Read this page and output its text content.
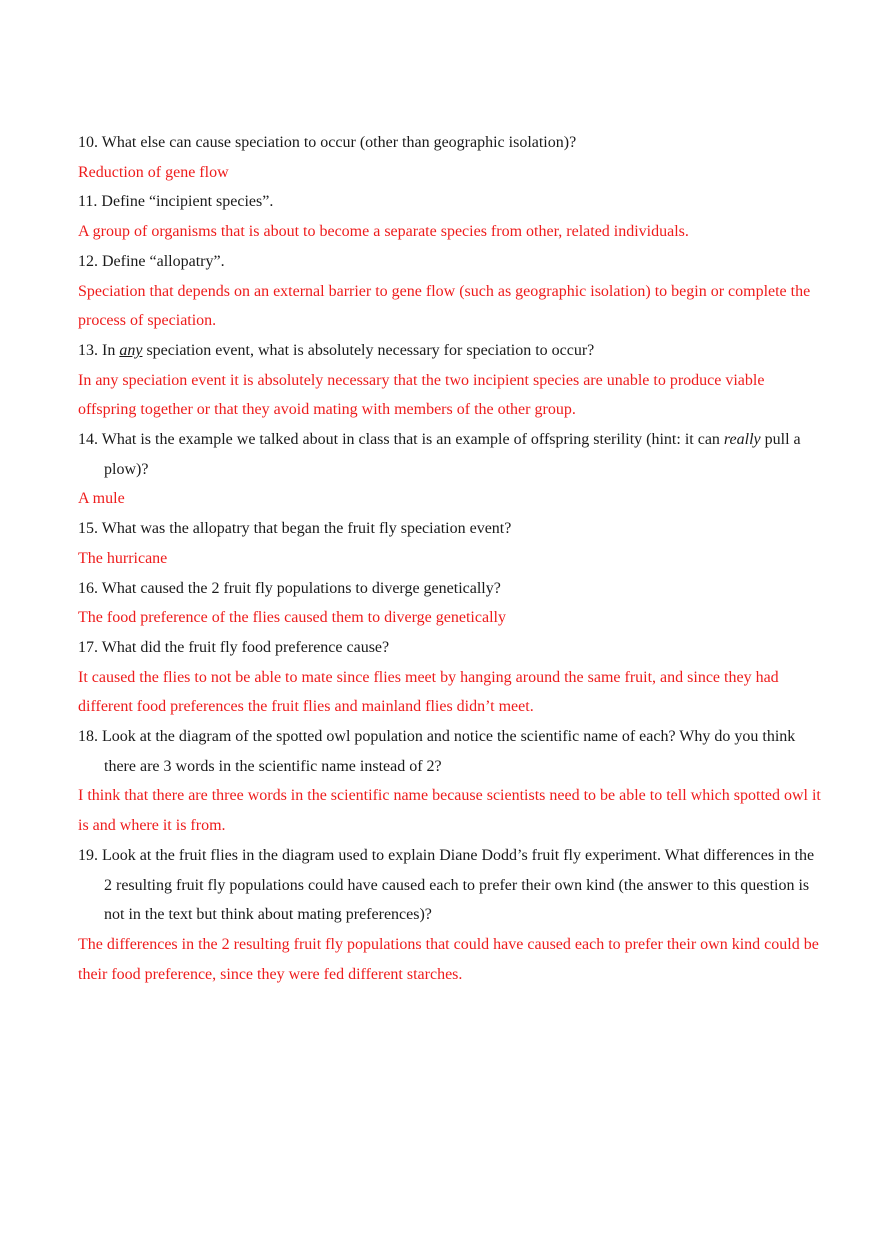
10. What else can cause speciation to occur (other than geographic isolation)?

Reduction of gene flow

11. Define “incipient species”.

A group of organisms that is about to become a separate species from other, related individuals.

12. Define “allopatry”.

Speciation that depends on an external barrier to gene flow (such as geographic isolation) to begin or complete the process of speciation.

13. In any speciation event, what is absolutely necessary for speciation to occur?

In any speciation event it is absolutely necessary that the two incipient species are unable to produce viable offspring together or that they avoid mating with members of the other group.

14. What is the example we talked about in class that is an example of offspring sterility (hint: it can really pull a plow)?

A mule

15. What was the allopatry that began the fruit fly speciation event?

The hurricane

16. What caused the 2 fruit fly populations to diverge genetically?

The food preference of the flies caused them to diverge genetically

17. What did the fruit fly food preference cause?

It caused the flies to not be able to mate since flies meet by hanging around the same fruit, and since they had different food preferences the fruit flies and mainland flies didn’t meet.

18. Look at the diagram of the spotted owl population and notice the scientific name of each? Why do you think there are 3 words in the scientific name instead of 2?

I think that there are three words in the scientific name because scientists need to be able to tell which spotted owl it is and where it is from.

19. Look at the fruit flies in the diagram used to explain Diane Dodd’s fruit fly experiment. What differences in the 2 resulting fruit fly populations could have caused each to prefer their own kind (the answer to this question is not in the text but think about mating preferences)?

The differences in the 2 resulting fruit fly populations that could have caused each to prefer their own kind could be their food preference, since they were fed different starches.
